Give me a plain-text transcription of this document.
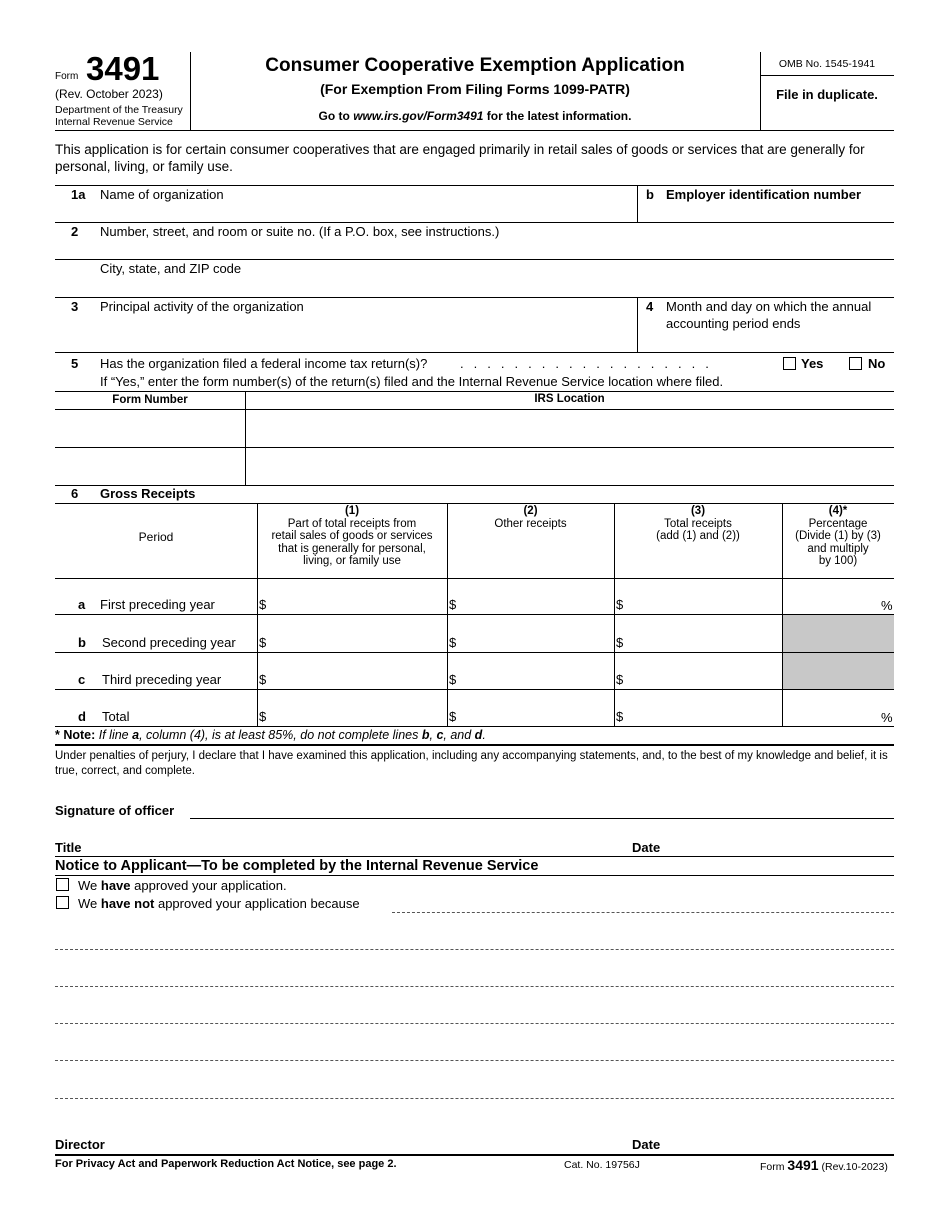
Form 3491
(Rev. October 2023)
Department of the Treasury
Internal Revenue Service
Consumer Cooperative Exemption Application
(For Exemption From Filing Forms 1099-PATR)
Go to www.irs.gov/Form3491 for the latest information.
OMB No. 1545-1941
File in duplicate.
This application is for certain consumer cooperatives that are engaged primarily in retail sales of goods or services that are generally for personal, living, or family use.
1a Name of organization	b Employer identification number
2 Number, street, and room or suite no. (If a P.O. box, see instructions.)
City, state, and ZIP code
3 Principal activity of the organization	4 Month and day on which the annual
accounting period ends
5 Has the organization filed a federal income tax return(s)?	. . . . . . . . . . . . . . . . . . .	Yes	No
If “Yes,” enter the form number(s) of the return(s) filed and the Internal Revenue Service location where filed.
Form Number	IRS Location
6 Gross Receipts
Period
(1)
Part of total receipts from
retail sales of goods or services
that is generally for personal,
living, or family use
(2)
Other receipts
(3)
Total receipts
(add (1) and (2))
(4)*
Percentage
(Divide (1) by (3)
and multiply
by 100)
a First preceding year	$	$	$	%
b Second preceding year $	$	$
c Third preceding year	$	$	$
d Total	$	$	$	%
* Note: If line a, column (4), is at least 85%, do not complete lines b, c, and d.
Under penalties of perjury, I declare that I have examined this application, including any accompanying statements, and, to the best of my knowledge and belief, it is true, correct, and complete.
Signature of officer
Title	Date
Notice to Applicant—To be completed by the Internal Revenue Service
We have approved your application.
We have not approved your application because
Director	Date
For Privacy Act and Paperwork Reduction Act Notice, see page 2.	Cat. No. 19756J	Form 3491 (Rev.10-2023)
